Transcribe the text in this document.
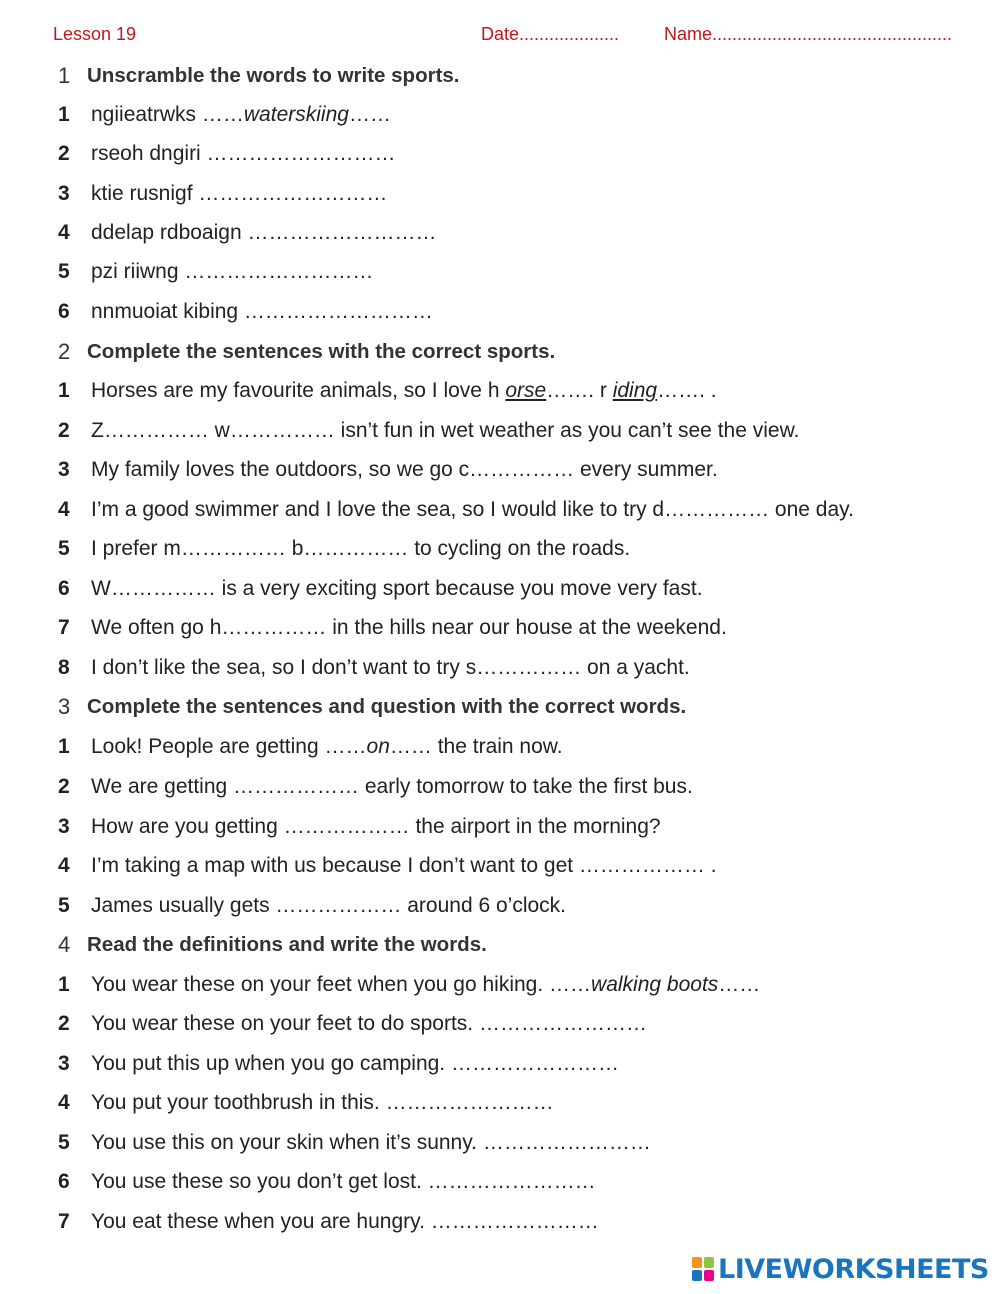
Lesson 19	Date.................... Name................................................
1 Unscramble the words to write sports.
1 ngiieatrwks ……waterskiing……
2 rseoh dngiri ………………………
3 ktie rusnigf ………………………
4 ddelap rdboaign ………………………
5 pzi riiwng ………………………
6 nnmuoiat kibing ………………………
2 Complete the sentences with the correct sports.
1 Horses are my favourite animals, so I love h orse……. r iding……. .
2 Z…………… w…………… isn’t fun in wet weather as you can’t see the view.
3 My family loves the outdoors, so we go c…………… every summer.
4 I’m a good swimmer and I love the sea, so I would like to try d…………… one day.
5 I prefer m…………… b…………… to cycling on the roads.
6 W…………… is a very exciting sport because you move very fast.
7 We often go h…………… in the hills near our house at the weekend.
8 I don’t like the sea, so I don’t want to try s…………… on a yacht.
3 Complete the sentences and question with the correct words.
1 Look! People are getting ……on…… the train now.
2 We are getting ……………… early tomorrow to take the first bus.
3 How are you getting ……………… the airport in the morning?
4 I’m taking a map with us because I don’t want to get ……………… .
5 James usually gets ……………… around 6 o’clock.
4 Read the definitions and write the words.
1 You wear these on your feet when you go hiking. ……walking boots……
2 You wear these on your feet to do sports. ……………………
3 You put this up when you go camping. ……………………
4 You put your toothbrush in this. ……………………
5 You use this on your skin when it’s sunny. ……………………
6 You use these so you don’t get lost. ……………………
7 You eat these when you are hungry. ……………………
LIVEWORKSHEETS
